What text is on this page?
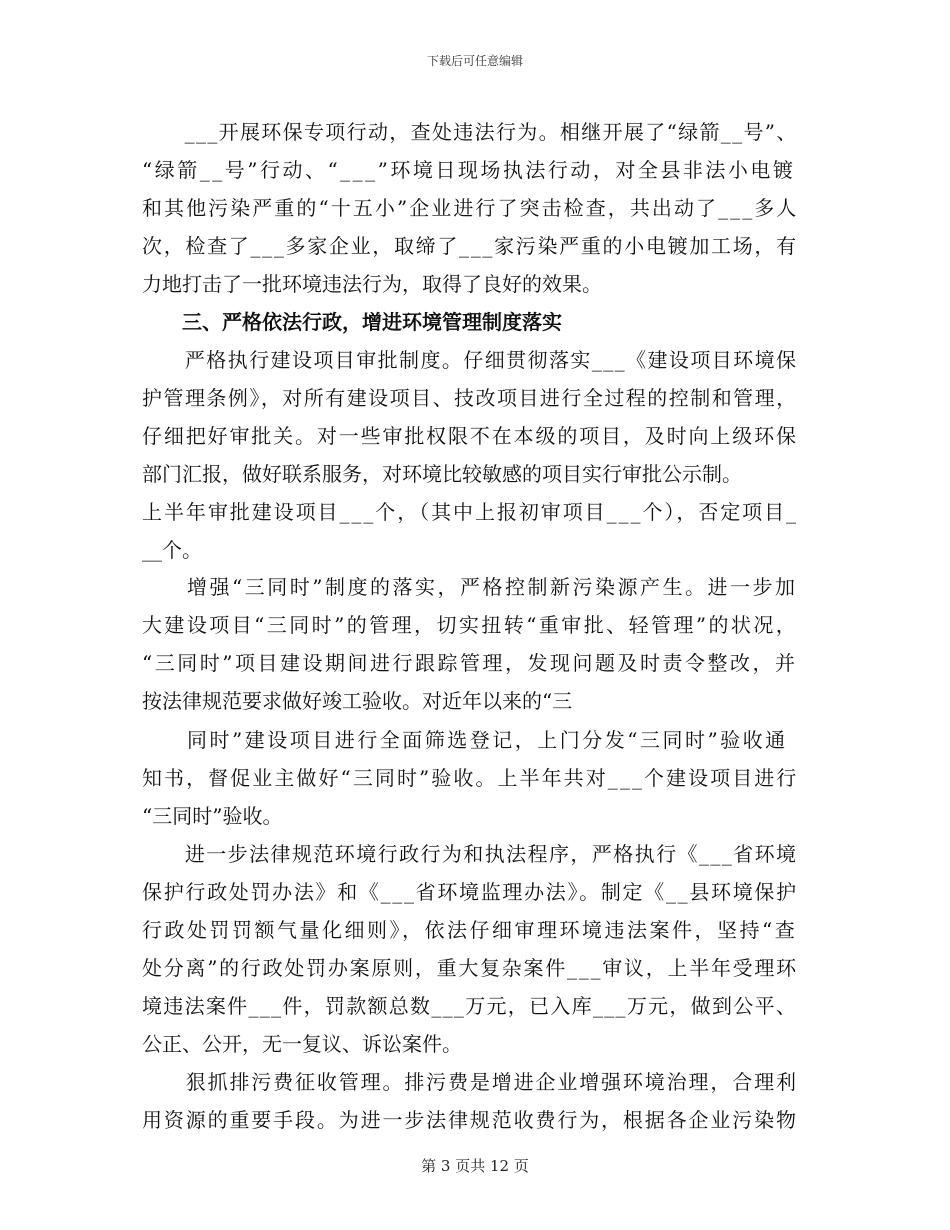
下载后可任意编辑
　　___开展环保专项行动，查处违法行为。相继开展了“绿箭__号”、
“绿箭__号”行动、“___”环境日现场执法行动，对全县非法小电镀
和其他污染严重的“十五小”企业进行了突击检查，共出动了___多人
次，检查了___多家企业，取缔了___家污染严重的小电镀加工场，有
力地打击了一批环境违法行为，取得了良好的效果。
　　三、严格依法行政，增进环境管理制度落实
　　严格执行建设项目审批制度。仔细贯彻落实___《建设项目环境保
护管理条例》，对所有建设项目、技改项目进行全过程的控制和管理，
仔细把好审批关。对一些审批权限不在本级的项目，及时向上级环保
部门汇报，做好联系服务，对环境比较敏感的项目实行审批公示制。
上半年审批建设项目___个，（其中上报初审项目___个），否定项目_
__个。
　　增强“三同时”制度的落实，严格控制新污染源产生。进一步加
大建设项目“三同时”的管理，切实扭转“重审批、轻管理”的状况，
“三同时”项目建设期间进行跟踪管理，发现问题及时责令整改，并
按法律规范要求做好竣工验收。对近年以来的“三
　　同时”建设项目进行全面筛选登记，上门分发“三同时”验收通
知书，督促业主做好“三同时”验收。上半年共对___个建设项目进行
“三同时”验收。
　　进一步法律规范环境行政行为和执法程序，严格执行《___省环境
保护行政处罚办法》和《___省环境监理办法》。制定《__县环境保护
行政处罚罚额气量化细则》，依法仔细审理环境违法案件，坚持“查
处分离”的行政处罚办案原则，重大复杂案件___审议，上半年受理环
境违法案件___件，罚款额总数___万元，已入库___万元，做到公平、
公正、公开，无一复议、诉讼案件。
　　狠抓排污费征收管理。排污费是增进企业增强环境治理，合理利
用资源的重要手段。为进一步法律规范收费行为，根据各企业污染物
第 3 页共 12 页
